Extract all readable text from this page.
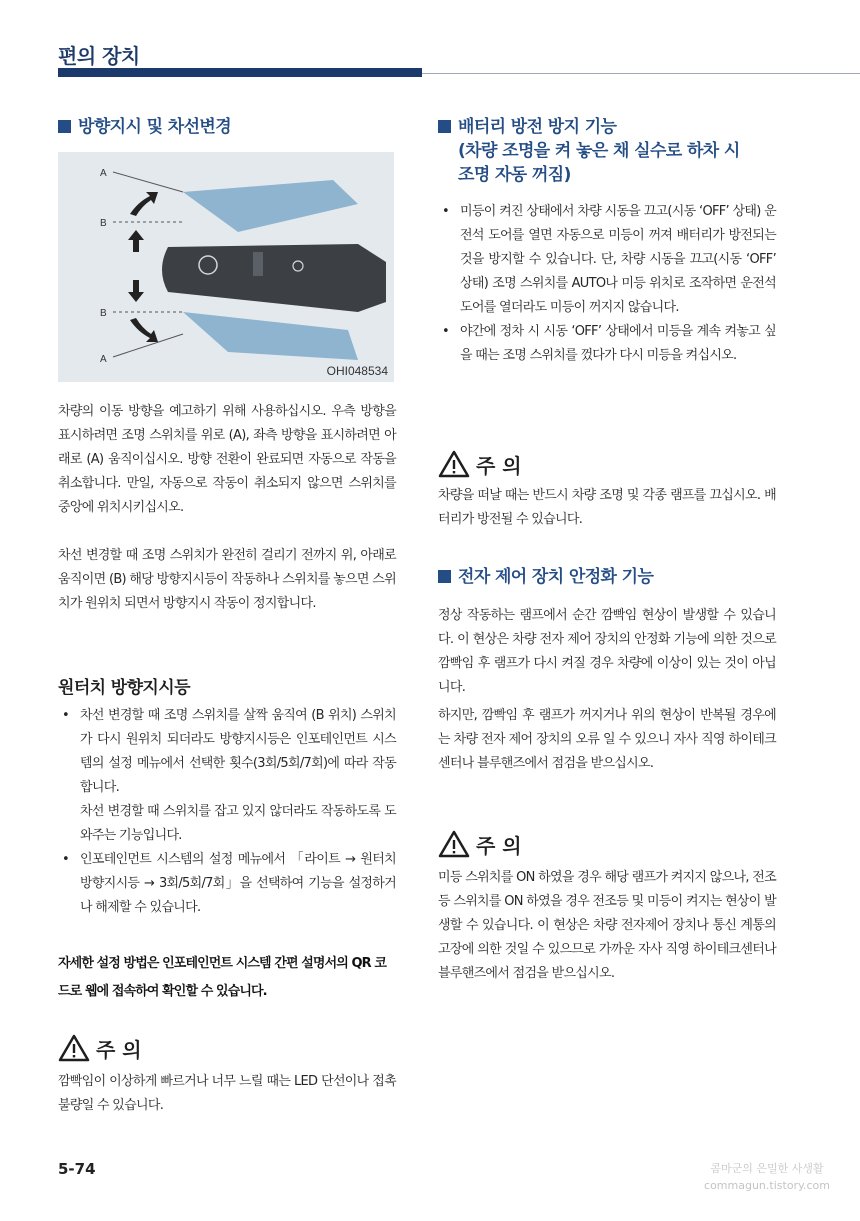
편의 장치
방향지시 및 차선변경
A
B
B
A
OHI048534
차량의 이동 방향을 예고하기 위해 사용하십시오. 우측 방향을 표시하려면 조명 스위치를 위로 (A), 좌측 방향을 표시하려면 아래로 (A) 움직이십시오. 방향 전환이 완료되면 자동으로 작동을 취소합니다. 만일, 자동으로 작동이 취소되지 않으면 스위치를 중앙에 위치시키십시오.
차선 변경할 때 조명 스위치가 완전히 걸리기 전까지 위, 아래로 움직이면 (B) 해당 방향지시등이 작동하나 스위치를 놓으면 스위치가 원위치 되면서 방향지시 작동이 정지합니다.
원터치 방향지시등
• 차선 변경할 때 조명 스위치를 살짝 움직여 (B 위치) 스위치가 다시 원위치 되더라도 방향지시등은 인포테인먼트 시스템의 설정 메뉴에서 선택한 횟수(3회/5회/7회)에 따라 작동합니다.
차선 변경할 때 스위치를 잡고 있지 않더라도 작동하도록 도와주는 기능입니다.
• 인포테인먼트 시스템의 설정 메뉴에서 「라이트 → 원터치 방향지시등 → 3회/5회/7회」을 선택하여 기능을 설정하거나 해제할 수 있습니다.
자세한 설정 방법은 인포테인먼트 시스템 간편 설명서의 QR 코드로 웹에 접속하여 확인할 수 있습니다.
주 의
깜빡임이 이상하게 빠르거나 너무 느릴 때는 LED 단선이나 접촉 불량일 수 있습니다.
배터리 방전 방지 기능
(차량 조명을 켜 놓은 채 실수로 하차 시
조명 자동 꺼짐)
• 미등이 켜진 상태에서 차량 시동을 끄고(시동 ‘OFF’ 상태) 운전석 도어를 열면 자동으로 미등이 꺼져 배터리가 방전되는 것을 방지할 수 있습니다. 단, 차량 시동을 끄고(시동 ‘OFF’ 상태) 조명 스위치를 AUTO나 미등 위치로 조작하면 운전석 도어를 열더라도 미등이 꺼지지 않습니다.
• 야간에 정차 시 시동 ‘OFF’ 상태에서 미등을 계속 켜놓고 싶을 때는 조명 스위치를 껐다가 다시 미등을 켜십시오.
주 의
차량을 떠날 때는 반드시 차량 조명 및 각종 램프를 끄십시오. 배터리가 방전될 수 있습니다.
전자 제어 장치 안정화 기능
정상 작동하는 램프에서 순간 깜빡임 현상이 발생할 수 있습니다. 이 현상은 차량 전자 제어 장치의 안정화 기능에 의한 것으로 깜빡임 후 램프가 다시 켜질 경우 차량에 이상이 있는 것이 아닙니다.
하지만, 깜빡임 후 램프가 꺼지거나 위의 현상이 반복될 경우에는 차량 전자 제어 장치의 오류 일 수 있으니 자사 직영 하이테크센터나 블루핸즈에서 점검을 받으십시오.
주 의
미등 스위치를 ON 하였을 경우 해당 램프가 켜지지 않으나, 전조등 스위치를 ON 하였을 경우 전조등 및 미등이 켜지는 현상이 발생할 수 있습니다. 이 현상은 차량 전자제어 장치나 통신 계통의 고장에 의한 것일 수 있으므로 가까운 자사 직영 하이테크센터나 블루핸즈에서 점검을 받으십시오.
5-74	콤마군의 은밀한 사생활
commagun.tistory.com
